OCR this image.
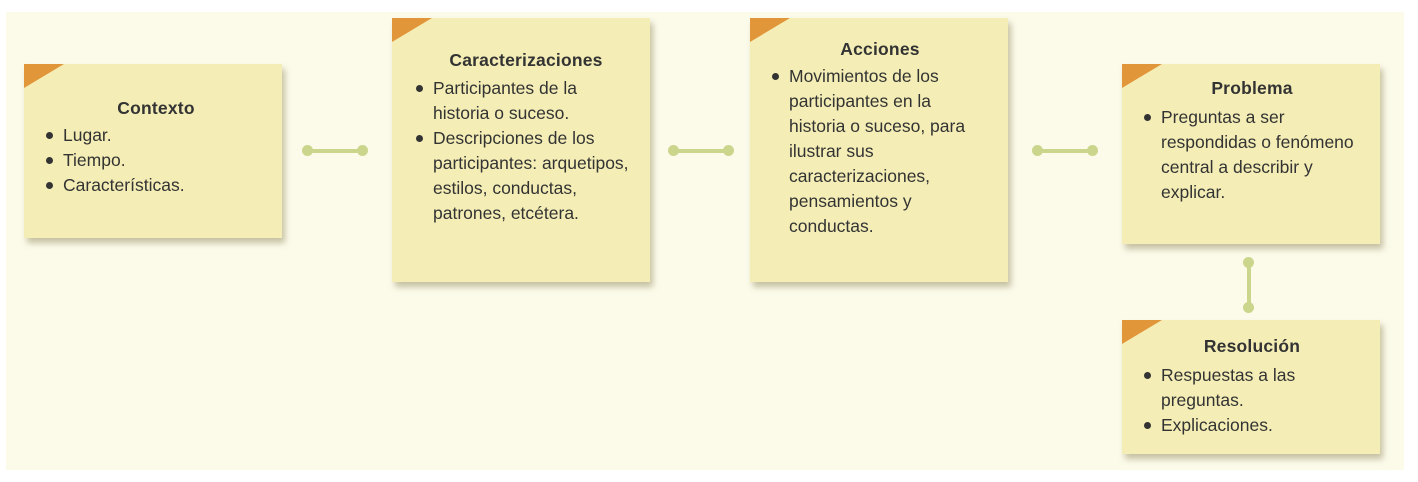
Contexto
Lugar.
Tiempo.
Características.
Caracterizaciones
Participantes de la historia o suceso.
Descripciones de los participantes: arquetipos, estilos, conductas, patrones, etcétera.
Acciones
Movimientos de los participantes en la historia o suceso, para ilustrar sus caracterizaciones, pensamientos y conductas.
Problema
Preguntas a ser respondidas o fenómeno central a describir y explicar.
Resolución
Respuestas a las preguntas.
Explicaciones.
